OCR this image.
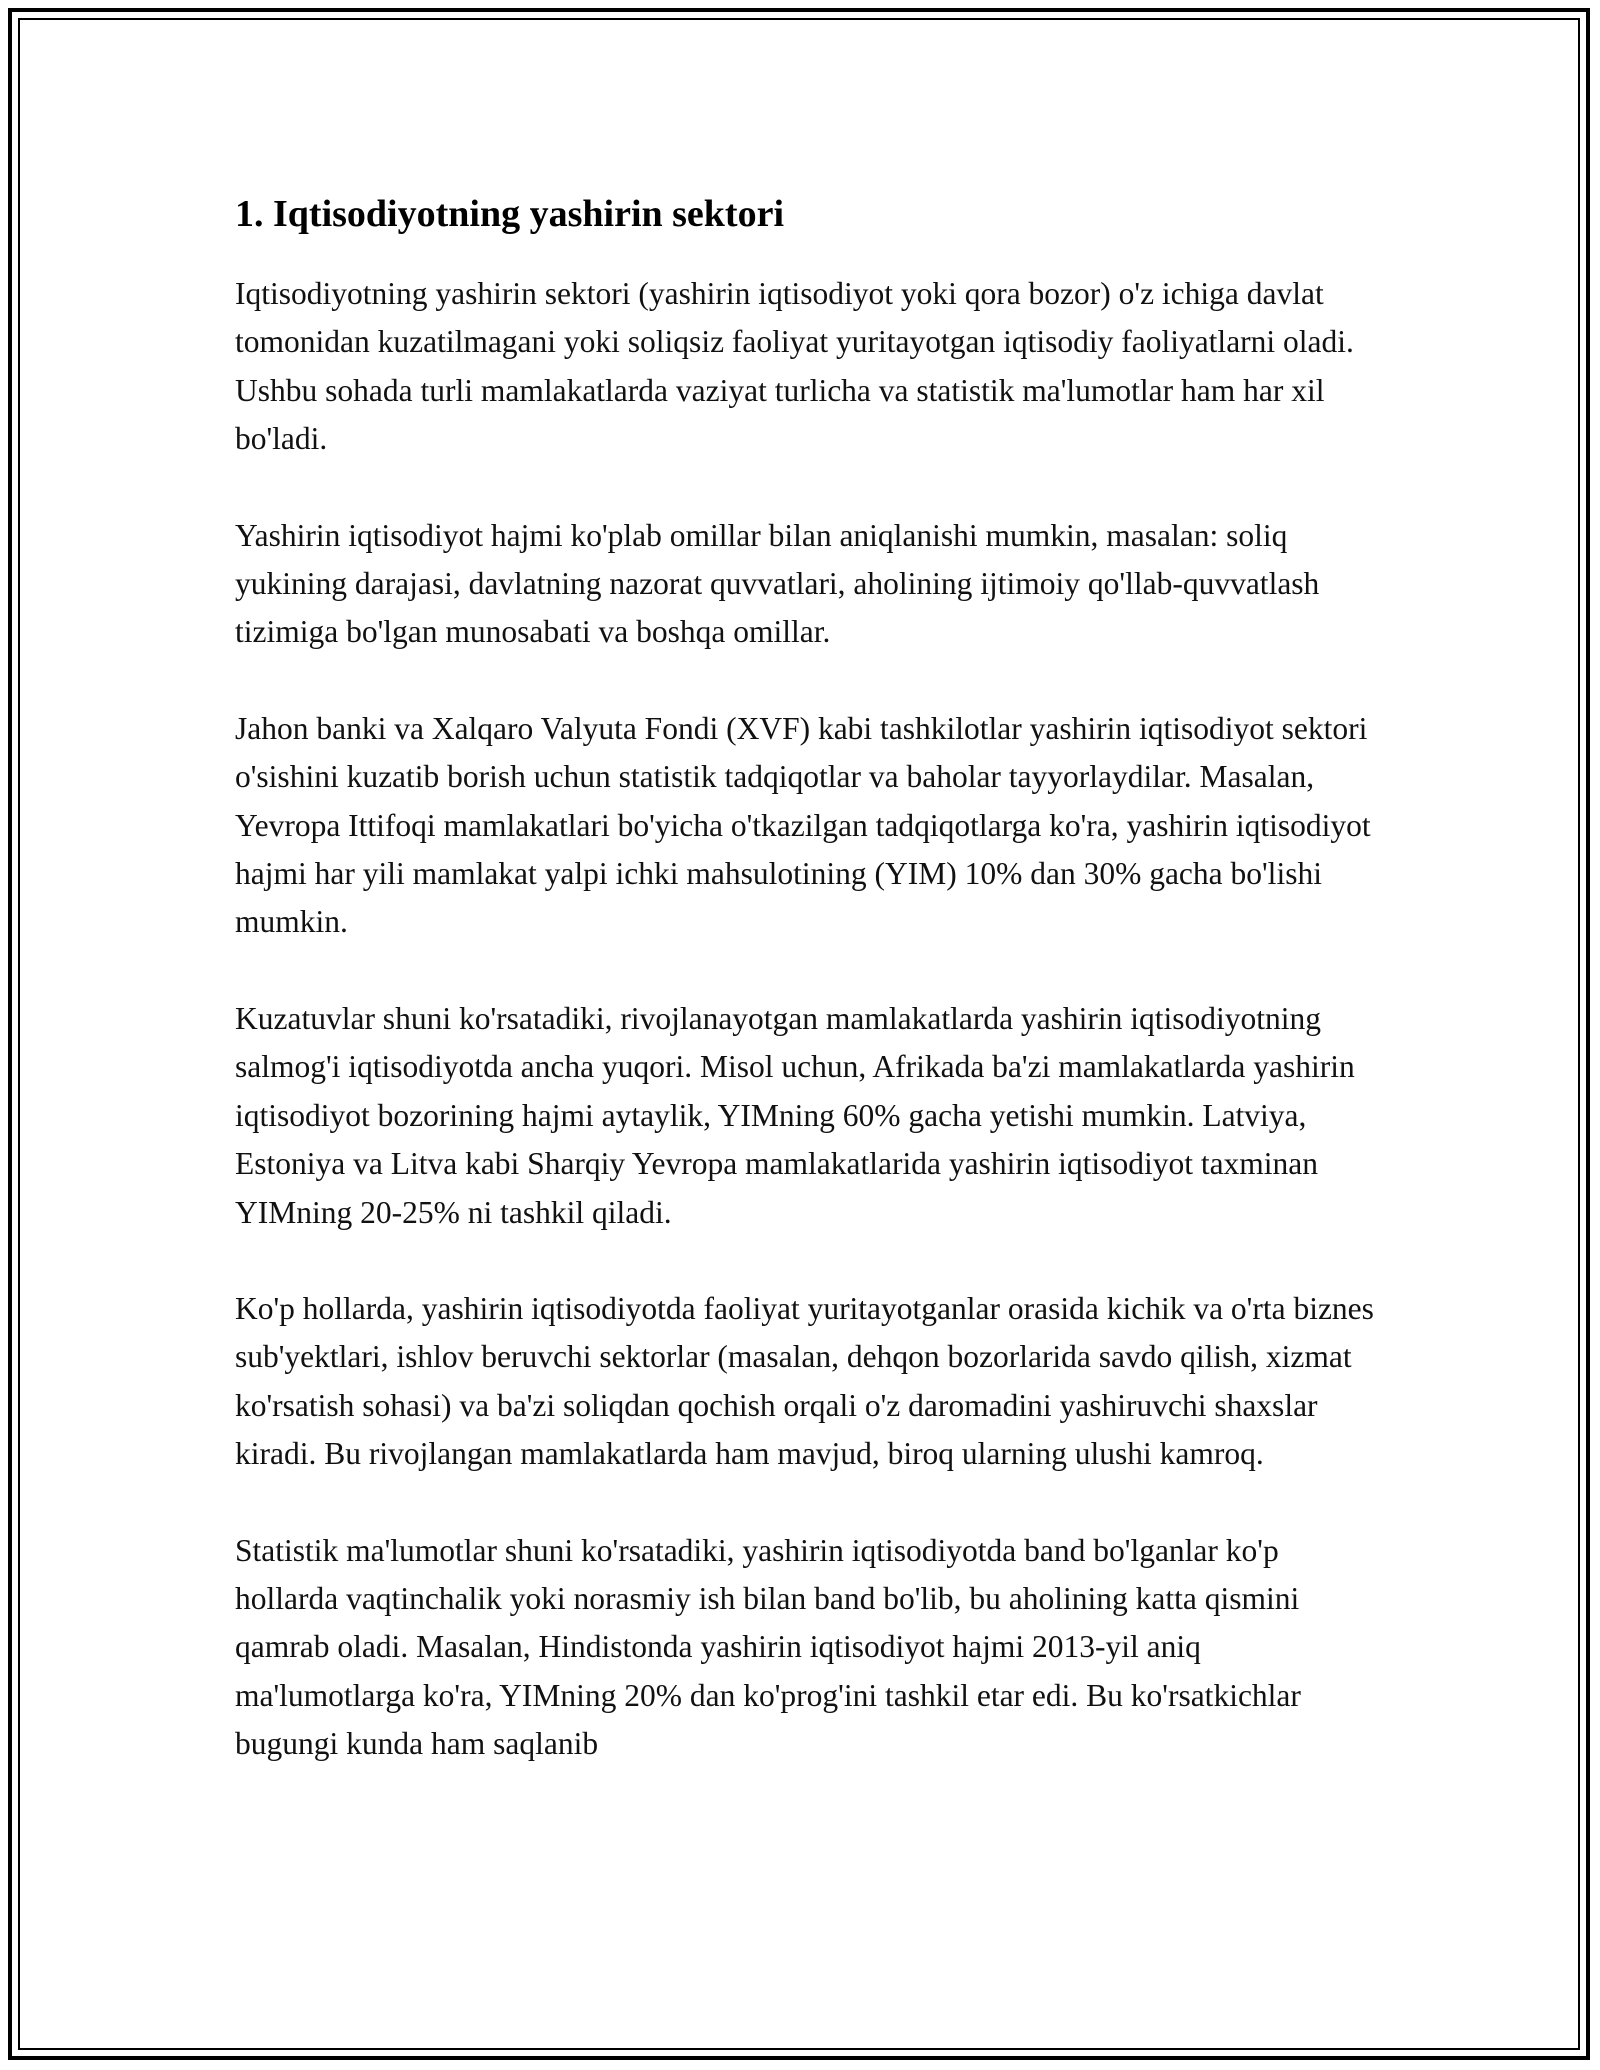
1. Iqtisodiyotning yashirin sektori

Iqtisodiyotning yashirin sektori (yashirin iqtisodiyot yoki qora bozor) o'z ichiga davlat tomonidan kuzatilmagani yoki soliqsiz faoliyat yuritayotgan iqtisodiy faoliyatlarni oladi. Ushbu sohada turli mamlakatlarda vaziyat turlicha va statistik ma'lumotlar ham har xil bo'ladi.

Yashirin iqtisodiyot hajmi ko'plab omillar bilan aniqlanishi mumkin, masalan: soliq yukining darajasi, davlatning nazorat quvvatlari, aholining ijtimoiy qo'llab-quvvatlash tizimiga bo'lgan munosabati va boshqa omillar.

Jahon banki va Xalqaro Valyuta Fondi (XVF) kabi tashkilotlar yashirin iqtisodiyot sektori o'sishini kuzatib borish uchun statistik tadqiqotlar va baholar tayyorlaydilar. Masalan, Yevropa Ittifoqi mamlakatlari bo'yicha o'tkazilgan tadqiqotlarga ko'ra, yashirin iqtisodiyot hajmi har yili mamlakat yalpi ichki mahsulotining (YIM) 10% dan 30% gacha bo'lishi mumkin.

Kuzatuvlar shuni ko'rsatadiki, rivojlanayotgan mamlakatlarda yashirin iqtisodiyotning salmog'i iqtisodiyotda ancha yuqori. Misol uchun, Afrikada ba'zi mamlakatlarda yashirin iqtisodiyot bozorining hajmi aytaylik, YIMning 60% gacha yetishi mumkin. Latviya, Estoniya va Litva kabi Sharqiy Yevropa mamlakatlarida yashirin iqtisodiyot taxminan YIMning 20-25% ni tashkil qiladi.

Ko'p hollarda, yashirin iqtisodiyotda faoliyat yuritayotganlar orasida kichik va o'rta biznes sub'yektlari, ishlov beruvchi sektorlar (masalan, dehqon bozorlarida savdo qilish, xizmat ko'rsatish sohasi) va ba'zi soliqdan qochish orqali o'z daromadini yashiruvchi shaxslar kiradi. Bu rivojlangan mamlakatlarda ham mavjud, biroq ularning ulushi kamroq.

Statistik ma'lumotlar shuni ko'rsatadiki, yashirin iqtisodiyotda band bo'lganlar ko'p hollarda vaqtinchalik yoki norasmiy ish bilan band bo'lib, bu aholining katta qismini qamrab oladi. Masalan, Hindistonda yashirin iqtisodiyot hajmi 2013-yil aniq ma'lumotlarga ko'ra, YIMning 20% dan ko'prog'ini tashkil etar edi. Bu ko'rsatkichlar bugungi kunda ham saqlanib
